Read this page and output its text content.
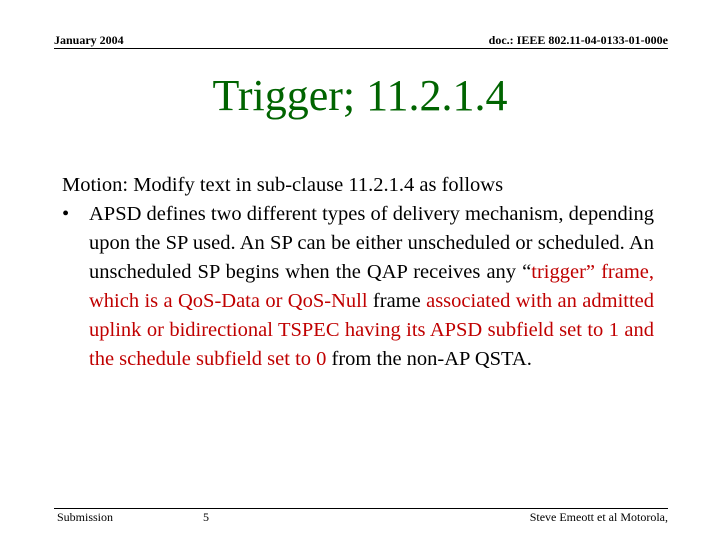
January 2004	doc.: IEEE 802.11-04-0133-01-000e
Trigger; 11.2.1.4

Motion: Modify text in sub-clause 11.2.1.4 as follows

• APSD defines two different types of delivery mechanism, depending upon the SP used. An SP can be either unscheduled or scheduled. An unscheduled SP begins when the QAP receives any “trigger” frame, which is a QoS-Data or QoS-Null frame associated with an admitted uplink or bidirectional TSPEC having its APSD subfield set to 1 and the schedule subfield set to 0 from the non-AP QSTA.

Submission	5	Steve Emeott et al Motorola,
